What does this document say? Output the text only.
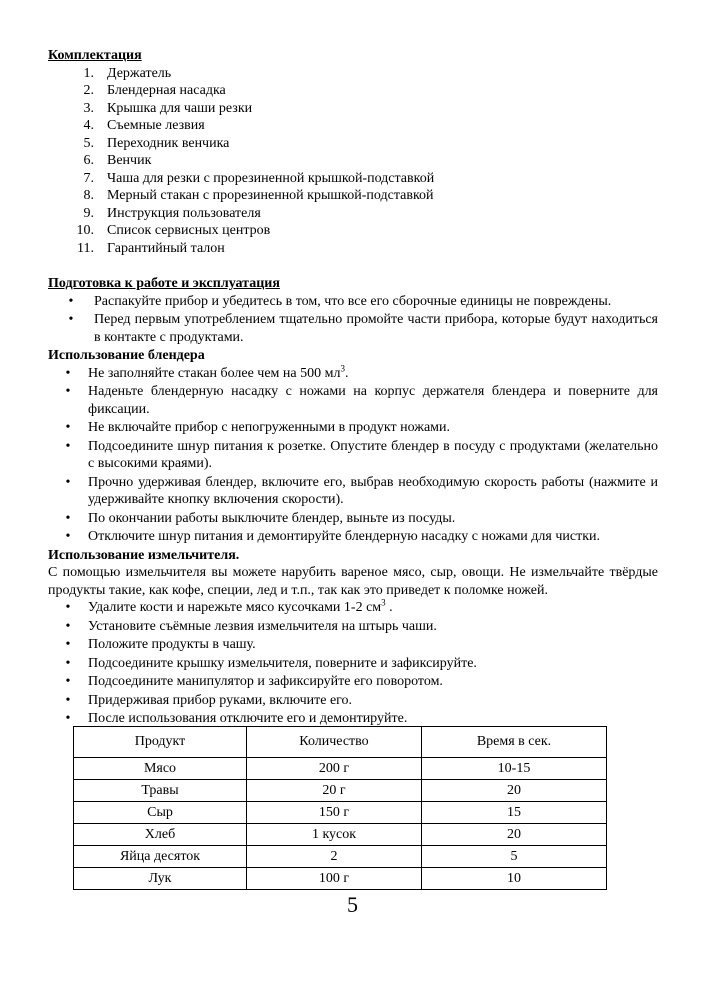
Комплектация
1. Держатель
2. Блендерная насадка
3. Крышка для чаши резки
4. Съемные лезвия
5. Переходник венчика
6. Венчик
7. Чаша для резки с прорезиненной крышкой-подставкой
8. Мерный стакан с прорезиненной крышкой-подставкой
9. Инструкция пользователя
10. Список сервисных центров
11. Гарантийный талон
Подготовка к работе и эксплуатация
•	Распакуйте прибор и убедитесь в том, что все его сборочные единицы не повреждены.
•	Перед первым употреблением тщательно промойте части прибора, которые будут находиться в контакте с продуктами.
Использование блендера
•	Не заполняйте стакан более чем на 500 $мл^3$.
•	Наденьте блендерную насадку с ножами на корпус держателя блендера и поверните для фиксации.
•	Не включайте прибор с непогруженными в продукт ножами.
•	Подсоедините шнур питания к розетке. Опустите блендер в посуду с продуктами (желательно с высокими краями).
•	Прочно удерживая блендер, включите его, выбрав необходимую скорость работы (нажмите и удерживайте кнопку включения скорости).
•	По окончании работы выключите блендер, выньте из посуды.
•	Отключите шнур питания и демонтируйте блендерную насадку с ножами для чистки.
Использование измельчителя.
С помощью измельчителя вы можете нарубить вареное мясо, сыр, овощи. Не измельчайте твёрдые продукты такие, как кофе, специи, лед и т.п., так как это приведет к поломке ножей.
•	Удалите кости и нарежьте мясо кусочками 1-2 $см^3$ .
•	Установите съёмные лезвия измельчителя на штырь чаши.
•	Положите продукты в чашу.
•	Подсоедините крышку измельчителя, поверните и зафиксируйте.
•	Подсоедините манипулятор и зафиксируйте его поворотом.
•	Придерживая прибор руками, включите его.
•	После использования отключите его и демонтируйте.
Продукт	Количество	Время в сек.
Мясо	200 г	10-15
Травы	20 г	20
Сыр	150 г	15
Хлеб	1 кусок	20
Яйца десяток	2	5
Лук	100 г	10
5
